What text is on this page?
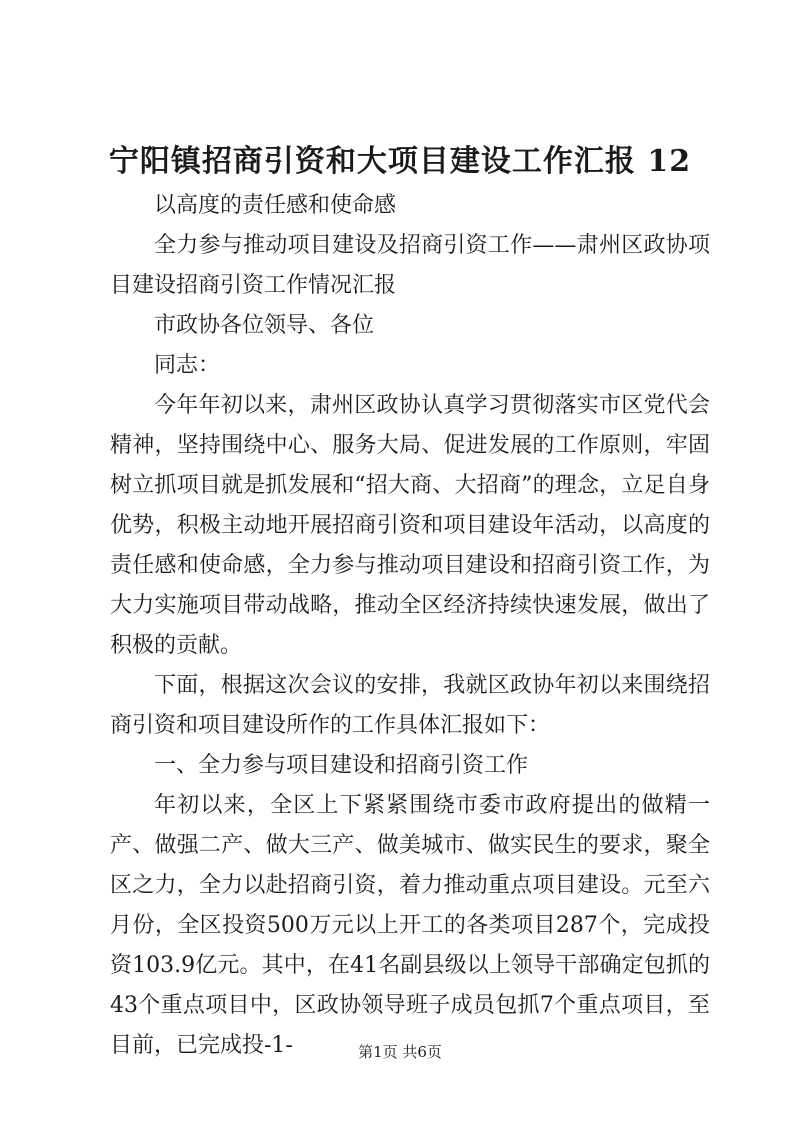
宁阳镇招商引资和大项目建设工作汇报 12

以高度的责任感和使命感

全力参与推动项目建设及招商引资工作——肃州区政协项目建设招商引资工作情况汇报

市政协各位领导、各位

同志：

今年年初以来，肃州区政协认真学习贯彻落实市区党代会精神，坚持围绕中心、服务大局、促进发展的工作原则，牢固树立抓项目就是抓发展和“招大商、大招商”的理念，立足自身优势，积极主动地开展招商引资和项目建设年活动，以高度的责任感和使命感，全力参与推动项目建设和招商引资工作，为大力实施项目带动战略，推动全区经济持续快速发展，做出了积极的贡献。

下面，根据这次会议的安排，我就区政协年初以来围绕招商引资和项目建设所作的工作具体汇报如下：

一、全力参与项目建设和招商引资工作

年初以来，全区上下紧紧围绕市委市政府提出的做精一产、做强二产、做大三产、做美城市、做实民生的要求，聚全区之力，全力以赴招商引资，着力推动重点项目建设。元至六月份，全区投资500万元以上开工的各类项目287个，完成投资103.9亿元。其中，在41名副县级以上领导干部确定包抓的43个重点项目中，区政协领导班子成员包抓7个重点项目，至目前，已完成投-1-	第1页 共6页
